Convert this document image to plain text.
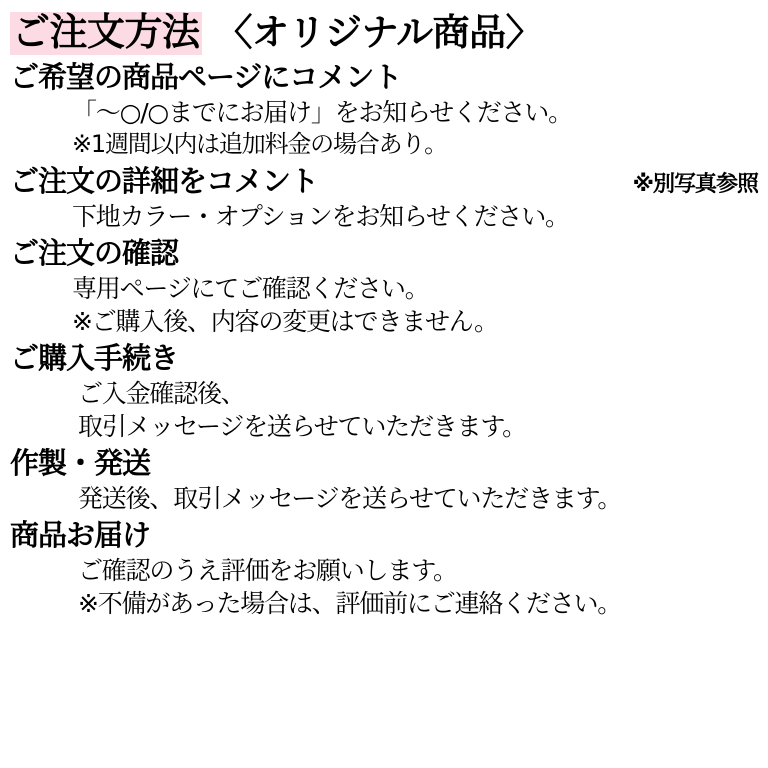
ご注文方法 〈オリジナル商品〉
ご希望の商品ページにコメント
「〜○/○までにお届け」をお知らせください。
※1週間以内は追加料金の場合あり。
ご注文の詳細をコメント	※別写真参照
下地カラー・オプションをお知らせください。
ご注文の確認
専用ページにてご確認ください。
※ご購入後、内容の変更はできません。
ご購入手続き
ご入金確認後、
取引メッセージを送らせていただきます。
作製・発送
発送後、取引メッセージを送らせていただきます。
商品お届け
ご確認のうえ評価をお願いします。
※不備があった場合は、評価前にご連絡ください。
